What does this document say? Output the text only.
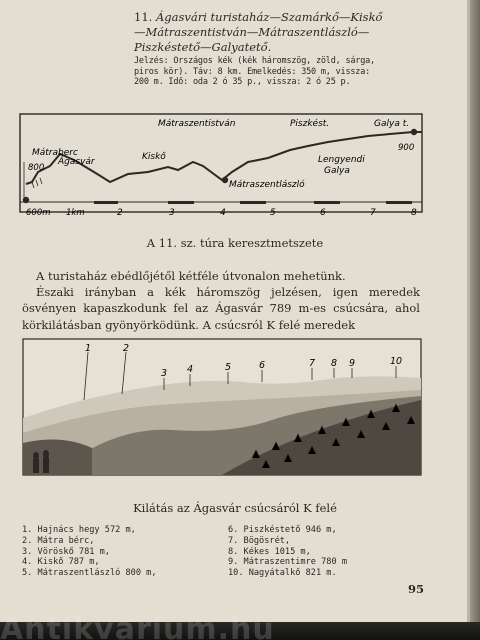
11. Ágasvári turistaház—Szamárkő—Kiskő
—Mátraszentistván—Mátraszentlászló—
Piszkéstető—Galyatető.
Jelzés: Országos kék (kék háromszög, zöld, sárga,
piros kör). Táv: 8 km. Emelkedés: 350 m, vissza:
200 m. Idő: oda 2 ó 35 p., vissza: 2 ó 25 p.
Mátraberc
Ágasvár	Kiskő
Mátraszentistván
Mátraszentlászló
Piszkést.	Galya t.
Lengyendi
Galya
800
900
600m 1km	2	3	4	5	6	7	8
A 11. sz. túra keresztmetszete

A turistaház ebédlőjétől kétféle útvonalon mehetünk.

Északi irányban a kék háromszög jelzésen, igen meredek ösvényen kapaszkodunk fel az Ágasvár 789 m-es csúcsára, ahol körkilátásban gyönyörködünk. A csúcsról K felé meredek

1	2
3 4	5	6	7 8 9	10
Kilátás az Ágasvár csúcsáról K felé
1. Hajnács hegy 572 m,
2. Mátra bérc,
3. Vöröskő 781 m,
4. Kiskő 787 m,
5. Mátraszentlászló 800 m,
6. Piszkéstető 946 m,
7. Bögösrét,
8. Kékes 1015 m,
9. Mátraszentimre 780 m
10. Nagyátalkő 821 m.
95
Antikvarium.hu
